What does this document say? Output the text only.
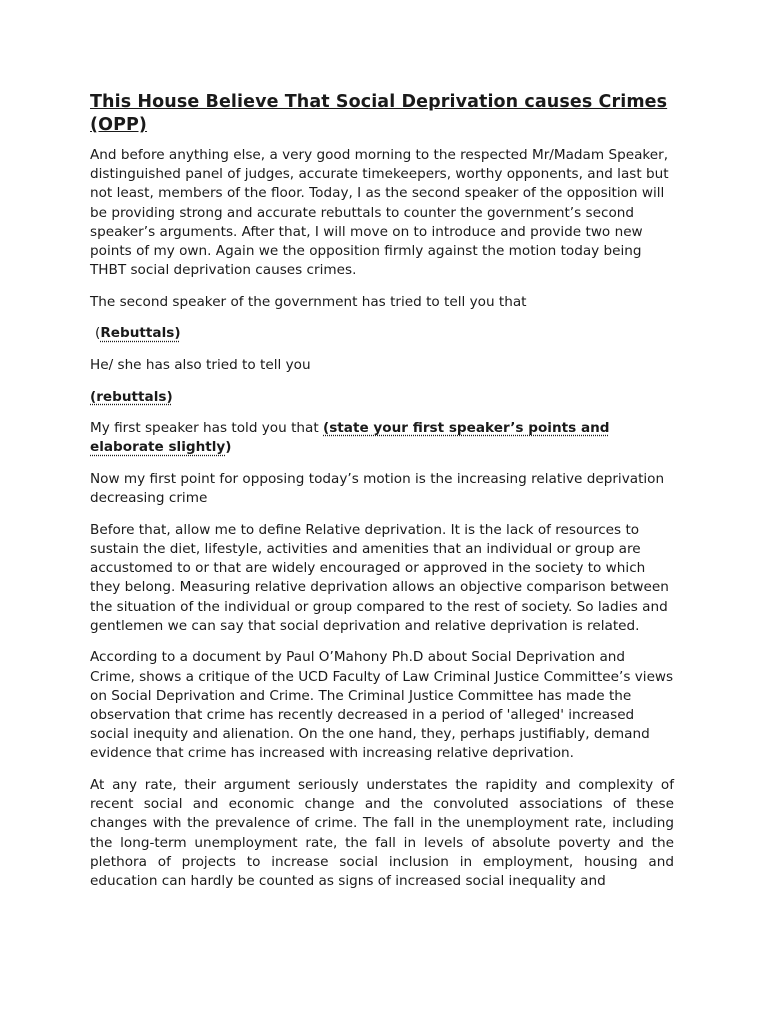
This House Believe That Social Deprivation causes Crimes (OPP)

And before anything else, a very good morning to the respected Mr/Madam Speaker, distinguished panel of judges, accurate timekeepers, worthy opponents, and last but not least, members of the floor. Today, I as the second speaker of the opposition will be providing strong and accurate rebuttals to counter the government’s second speaker’s arguments. After that, I will move on to introduce and provide two new points of my own. Again we the opposition firmly against the motion today being THBT social deprivation causes crimes.

The second speaker of the government has tried to tell you that

(Rebuttals)

He/ she has also tried to tell you

(rebuttals)

My first speaker has told you that (state your first speaker’s points and elaborate slightly)

Now my first point for opposing today’s motion is the increasing relative deprivation decreasing crime

Before that, allow me to define Relative deprivation. It is the lack of resources to sustain the diet, lifestyle, activities and amenities that an individual or group are accustomed to or that are widely encouraged or approved in the society to which they belong. Measuring relative deprivation allows an objective comparison between the situation of the individual or group compared to the rest of society. So ladies and gentlemen we can say that social deprivation and relative deprivation is related.

According to a document by Paul O’Mahony Ph.D about Social Deprivation and Crime, shows a critique of the UCD Faculty of Law Criminal Justice Committee’s views on Social Deprivation and Crime. The Criminal Justice Committee has made the observation that crime has recently decreased in a period of 'alleged' increased social inequity and alienation. On the one hand, they, perhaps justifiably, demand evidence that crime has increased with increasing relative deprivation.

At any rate, their argument seriously understates the rapidity and complexity of recent social and economic change and the convoluted associations of these changes with the prevalence of crime. The fall in the unemployment rate, including the long-term unemployment rate, the fall in levels of absolute poverty and the plethora of projects to increase social inclusion in employment, housing and education can hardly be counted as signs of increased social inequality and
